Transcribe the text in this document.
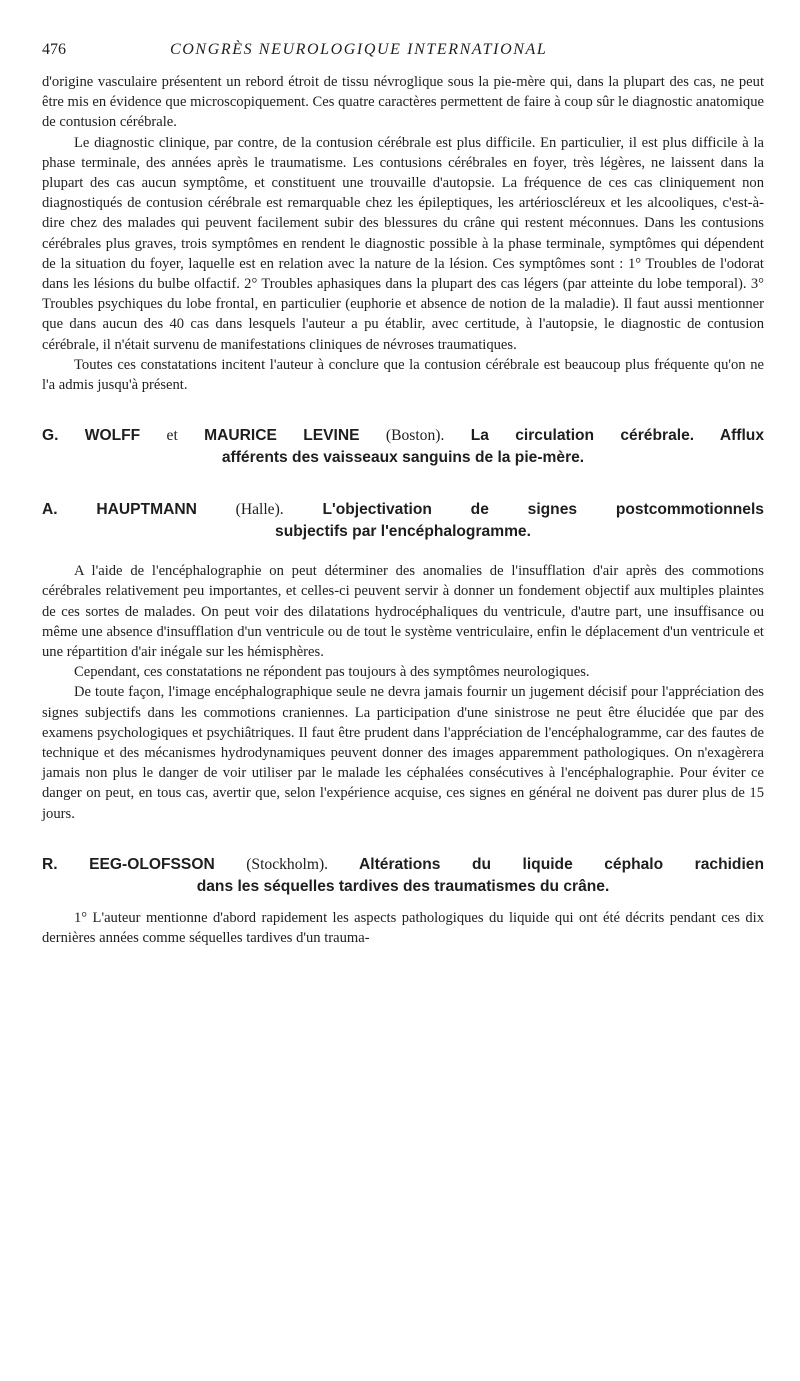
476	CONGRÈS NEUROLOGIQUE INTERNATIONAL

d'origine vasculaire présentent un rebord étroit de tissu névroglique sous la pie-mère qui, dans la plupart des cas, ne peut être mis en évidence que microscopiquement. Ces quatre caractères permettent de faire à coup sûr le diagnostic anatomique de contusion cérébrale.

Le diagnostic clinique, par contre, de la contusion cérébrale est plus difficile. En particulier, il est plus difficile à la phase terminale, des années après le traumatisme. Les contusions cérébrales en foyer, très légères, ne laissent dans la plupart des cas aucun symptôme, et constituent une trouvaille d'autopsie. La fréquence de ces cas cliniquement non diagnostiqués de contusion cérébrale est remarquable chez les épileptiques, les artérioscléreux et les alcooliques, c'est-à-dire chez des malades qui peuvent facilement subir des blessures du crâne qui restent méconnues. Dans les contusions cérébrales plus graves, trois symptômes en rendent le diagnostic possible à la phase terminale, symptômes qui dépendent de la situation du foyer, laquelle est en relation avec la nature de la lésion. Ces symptômes sont : 1° Troubles de l'odorat dans les lésions du bulbe olfactif. 2° Troubles aphasiques dans la plupart des cas légers (par atteinte du lobe temporal). 3° Troubles psychiques du lobe frontal, en particulier (euphorie et absence de notion de la maladie). Il faut aussi mentionner que dans aucun des 40 cas dans lesquels l'auteur a pu établir, avec certitude, à l'autopsie, le diagnostic de contusion cérébrale, il n'était survenu de manifestations cliniques de névroses traumatiques.

Toutes ces constatations incitent l'auteur à conclure que la contusion cérébrale est beaucoup plus fréquente qu'on ne l'a admis jusqu'à présent.

G. WOLFF et MAURICE LEVINE (Boston). La circulation cérébrale. Afflux
afférents des vaisseaux sanguins de la pie-mère.
A. HAUPTMANN (Halle). L'objectivation de signes postcommotionnels
subjectifs par l'encéphalogramme.

A l'aide de l'encéphalographie on peut déterminer des anomalies de l'insufflation d'air après des commotions cérébrales relativement peu importantes, et celles-ci peuvent servir à donner un fondement objectif aux multiples plaintes de ces sortes de malades. On peut voir des dilatations hydrocéphaliques du ventricule, d'autre part, une insuffisance ou même une absence d'insufflation d'un ventricule ou de tout le système ventriculaire, enfin le déplacement d'un ventricule et une répartition d'air inégale sur les hémisphères.

Cependant, ces constatations ne répondent pas toujours à des symptômes neurologiques.

De toute façon, l'image encéphalographique seule ne devra jamais fournir un jugement décisif pour l'appréciation des signes subjectifs dans les commotions craniennes. La participation d'une sinistrose ne peut être élucidée que par des examens psychologiques et psychiâtriques. Il faut être prudent dans l'appréciation de l'encéphalogramme, car des fautes de technique et des mécanismes hydrodynamiques peuvent donner des images apparemment pathologiques. On n'exagèrera jamais non plus le danger de voir utiliser par le malade les céphalées consécutives à l'encéphalographie. Pour éviter ce danger on peut, en tous cas, avertir que, selon l'expérience acquise, ces signes en général ne doivent pas durer plus de 15 jours.

R. EEG-OLOFSSON (Stockholm). Altérations du liquide céphalo rachidien
dans les séquelles tardives des traumatismes du crâne.

1° L'auteur mentionne d'abord rapidement les aspects pathologiques du liquide qui ont été décrits pendant ces dix dernières années comme séquelles tardives d'un trauma-
